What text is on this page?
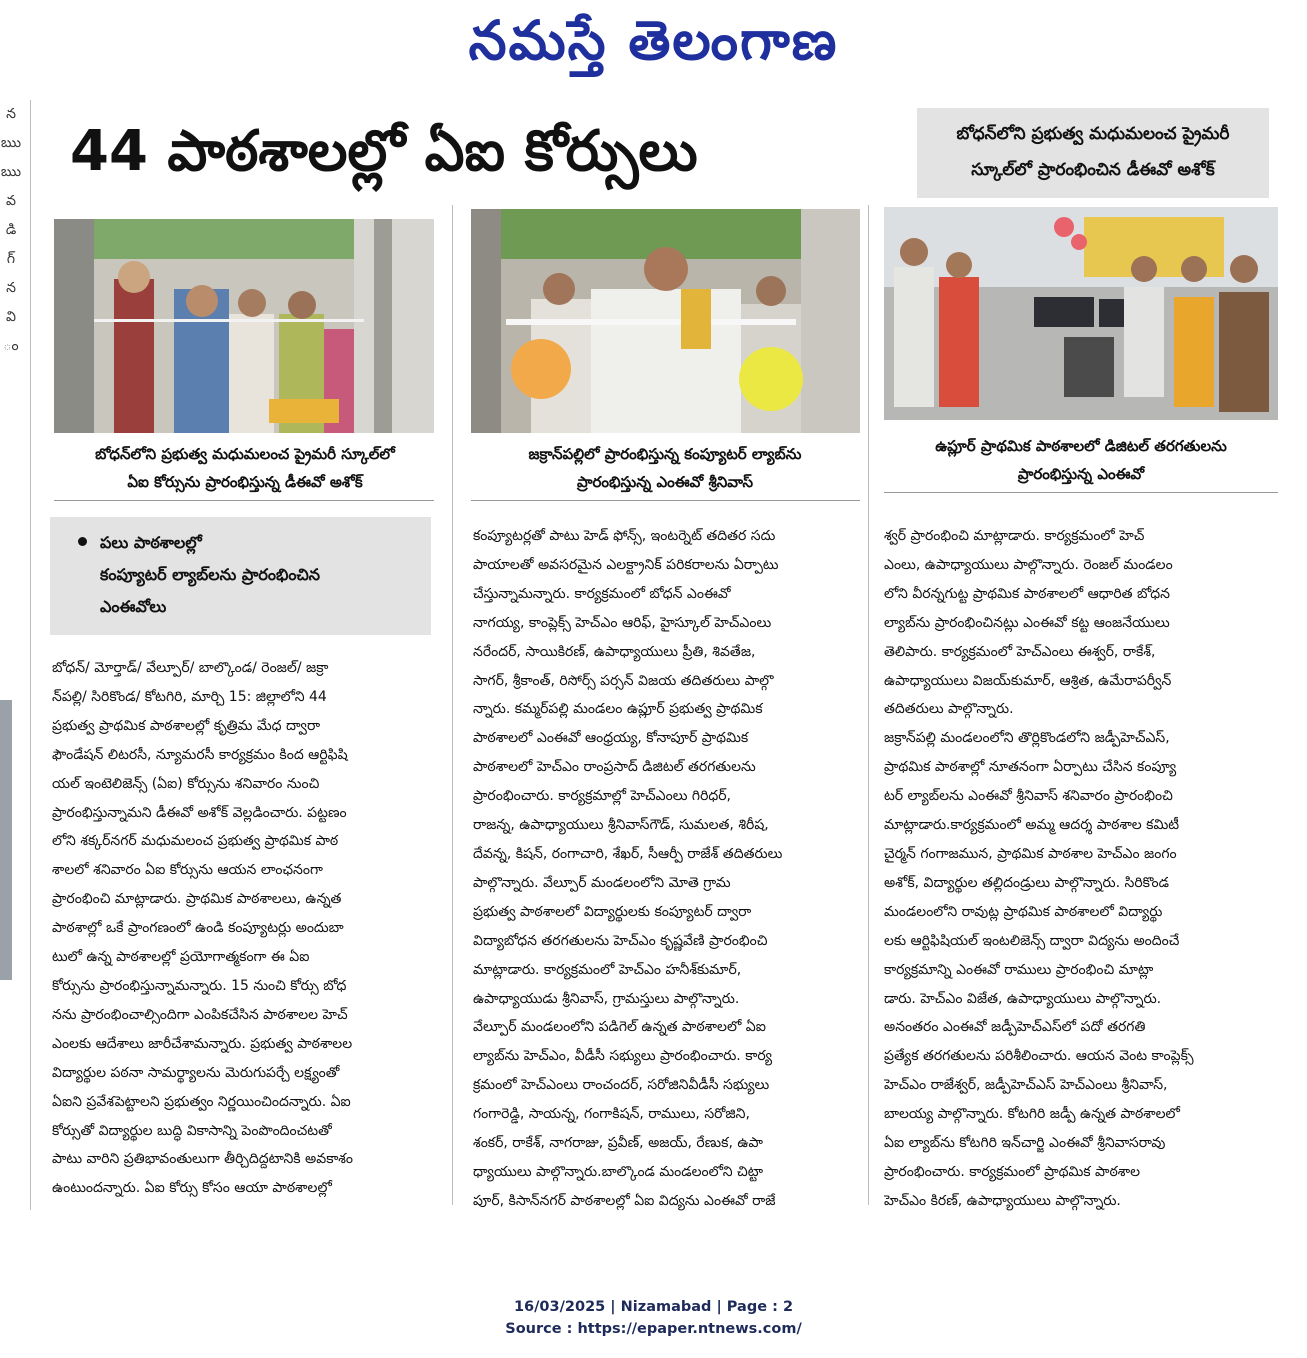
నమస్తే తెలంగాణ
న
ఋ
ఋ
వ
డి
గ్
న
వి
ం
44 పాఠశాలల్లో ఏఐ కోర్సులు	బోధన్‌లోని ప్రభుత్వ మధుమలంచ ప్రైమరీ
స్కూల్‌లో ప్రారంభించిన డీఈవో అశోక్
బోధన్‌లోని ప్రభుత్వ మధుమలంచ ప్రైమరీ స్కూల్‌లో
ఏఐ కోర్సును ప్రారంభిస్తున్న డీఈవో అశోక్
జక్రాన్‌పల్లిలో ప్రారంభిస్తున్న కంప్యూటర్ ల్యాబ్‌ను
ప్రారంభిస్తున్న ఎంఈవో శ్రీనివాస్
ఉప్లూర్ ప్రాథమిక పాఠశాలలో డిజిటల్ తరగతులను
ప్రారంభిస్తున్న ఎంఈవో
పలు పాఠశాలల్లో
కంప్యూటర్ ల్యాబ్‌లను ప్రారంభించిన
ఎంఈవోలు
బోధన్/ మోర్తాడ్/ వేల్పూర్/ బాల్కొండ/ రెంజల్/ జక్రా
న్‌పల్లి/ సిరికొండ/ కోటగిరి, మార్చి 15: జిల్లాలోని 44
ప్రభుత్వ ప్రాథమిక పాఠశాలల్లో కృత్రిమ మేధ ద్వారా
ఫౌండేషన్ లిటరసీ, న్యూమరసీ కార్యక్రమం కింద ఆర్టిఫిషి
యల్ ఇంటెలిజెన్స్ (ఏఐ) కోర్సును శనివారం నుంచి
ప్రారంభిస్తున్నామని డీఈవో అశోక్ వెల్లడించారు. పట్టణం
లోని శక్కర్‌నగర్ మధుమలంచ ప్రభుత్వ ప్రాథమిక పాఠ
శాలలో శనివారం ఏఐ కోర్సును ఆయన లాంఛనంగా
ప్రారంభించి మాట్లాడారు. ప్రాథమిక పాఠశాలలు, ఉన్నత
పాఠశాల్లో ఒకే ప్రాంగణంలో ఉండి కంప్యూటర్లు అందుబా
టులో ఉన్న పాఠశాలల్లో ప్రయోగాత్మకంగా ఈ ఏఐ
కోర్సును ప్రారంభిస్తున్నామన్నారు. 15 నుంచి కోర్సు బోధ
నను ప్రారంభించాల్సిందిగా ఎంపికచేసిన పాఠశాలల హెచ్
ఎంలకు ఆదేశాలు జారీచేశామన్నారు. ప్రభుత్వ పాఠశాలల
విద్యార్థుల పఠనా సామర్థ్యాలను మెరుగుపర్చే లక్ష్యంతో
ఏఐని ప్రవేశపెట్టాలని ప్రభుత్వం నిర్ణయించిందన్నారు. ఏఐ
కోర్సుతో విద్యార్థుల బుద్ధి వికాసాన్ని పెంపొందించటతో
పాటు వారిని ప్రతిభావంతులుగా తీర్చిదిద్దటానికి అవకాశం
ఉంటుందన్నారు. ఏఐ కోర్సు కోసం ఆయా పాఠశాలల్లో
కంప్యూటర్లతో పాటు హెడ్ ఫోన్స్, ఇంటర్నెట్ తదితర సదు
పాయాలతో అవసరమైన ఎలక్ట్రానిక్ పరికరాలను ఏర్పాటు
చేస్తున్నామన్నారు. కార్యక్రమంలో బోధన్ ఎంఈవో
నాగయ్య, కాంప్లెక్స్ హెచ్ఎం ఆరిఫ్, హైస్కూల్ హెచ్ఎంలు
నరేందర్, సాయికిరణ్, ఉపాధ్యాయులు ప్రీతి, శివతేజ,
సాగర్, శ్రీకాంత్, రిసోర్స్ పర్సన్ విజయ తదితరులు పాల్గొ
న్నారు. కమ్మర్‌పల్లి మండలం ఉప్లూర్ ప్రభుత్వ ప్రాథమిక
పాఠశాలలో ఎంఈవో ఆంధ్రయ్య, కోనాపూర్ ప్రాథమిక
పాఠశాలలో హెచ్ఎం రాంప్రసాద్ డిజిటల్ తరగతులను
ప్రారంభించారు. కార్యక్రమాల్లో హెచ్ఎంలు గిరిధర్,
రాజన్న, ఉపాధ్యాయులు శ్రీనివాస్‌గౌడ్, సుమలత, శిరీష,
దేవన్న, కిషన్, రంగాచారి, శేఖర్, సీఆర్పీ రాజేశ్ తదితరులు
పాల్గొన్నారు. వేల్పూర్ మండలంలోని మోతె గ్రామ
ప్రభుత్వ పాఠశాలలో విద్యార్థులకు కంప్యూటర్ ద్వారా
విద్యాబోధన తరగతులను హెచ్ఎం కృష్ణవేణి ప్రారంభించి
మాట్లాడారు. కార్యక్రమంలో హెచ్ఎం హనీశ్‌కుమార్,
ఉపాధ్యాయుడు శ్రీనివాస్, గ్రామస్తులు పాల్గొన్నారు.
వేల్పూర్ మండలంలోని పడిగెల్ ఉన్నత పాఠశాలలో ఏఐ
ల్యాబ్‌ను హెచ్ఎం, వీడీసీ సభ్యులు ప్రారంభించారు. కార్య
క్రమంలో హెచ్ఎంలు రాంచందర్, సరోజినివీడీసీ సభ్యులు
గంగారెడ్డి, సాయన్న, గంగాకిషన్, రాములు, సరోజిని,
శంకర్, రాకేశ్, నాగరాజు, ప్రవీణ్, అజయ్, రేణుక, ఉపా
ధ్యాయులు పాల్గొన్నారు.బాల్కొండ మండలంలోని చిట్టా
పూర్, కిసాన్‌నగర్ పాఠశాలల్లో ఏఐ విద్యను ఎంఈవో రాజే
శ్వర్ ప్రారంభించి మాట్లాడారు. కార్యక్రమంలో హెచ్
ఎంలు, ఉపాధ్యాయులు పాల్గొన్నారు. రెంజల్ మండలం
లోని వీరన్నగుట్ట ప్రాథమిక పాఠశాలలో ఆధారిత బోధన
ల్యాబ్‌ను ప్రారంభించినట్లు ఎంఈవో కట్ట ఆంజనేయులు
తెలిపారు. కార్యక్రమంలో హెచ్ఎంలు ఈశ్వర్, రాకేశ్,
ఉపాధ్యాయులు విజయ్‌కుమార్, ఆశ్రిత, ఉమేరాపర్వీన్
తదితరులు పాల్గొన్నారు.
జక్రాన్‌పల్లి మండలంలోని తొర్లికొండలోని జడ్పీహెచ్ఎస్,
ప్రాథమిక పాఠశాల్లో నూతనంగా ఏర్పాటు చేసిన కంప్యూ
టర్ ల్యాబ్‌లను ఎంఈవో శ్రీనివాస్ శనివారం ప్రారంభించి
మాట్లాడారు.కార్యక్రమంలో అమ్మ ఆదర్శ పాఠశాల కమిటీ
చైర్మన్ గంగాజమున, ప్రాథమిక పాఠశాల హెచ్ఎం జంగం
అశోక్, విద్యార్థుల తల్లిదండ్రులు పాల్గొన్నారు. సిరికొండ
మండలంలోని రావుట్ల ప్రాథమిక పాఠశాలలో విద్యార్థు
లకు ఆర్టిఫిషియల్ ఇంటలిజెన్స్ ద్వారా విద్యను అందించే
కార్యక్రమాన్ని ఎంఈవో రాములు ప్రారంభించి మాట్లా
డారు. హెచ్ఎం విజేత, ఉపాధ్యాయులు పాల్గొన్నారు.
అనంతరం ఎంఈవో జడ్పీహెచ్ఎస్‌లో పదో తరగతి
ప్రత్యేక తరగతులను పరిశీలించారు. ఆయన వెంట కాంప్లెక్స్
హెచ్ఎం రాజేశ్వర్, జడ్పీహెచ్ఎస్ హెచ్ఎంలు శ్రీనివాస్,
బాలయ్య పాల్గొన్నారు. కోటగిరి జడ్పీ ఉన్నత పాఠశాలలో
ఏఐ ల్యాబ్‌ను కోటగిరి ఇన్‌చార్జి ఎంఈవో శ్రీనివాసరావు
ప్రారంభించారు. కార్యక్రమంలో ప్రాథమిక పాఠశాల
హెచ్ఎం కిరణ్, ఉపాధ్యాయులు పాల్గొన్నారు.
16/03/2025 | Nizamabad | Page : 2
Source : https://epaper.ntnews.com/
